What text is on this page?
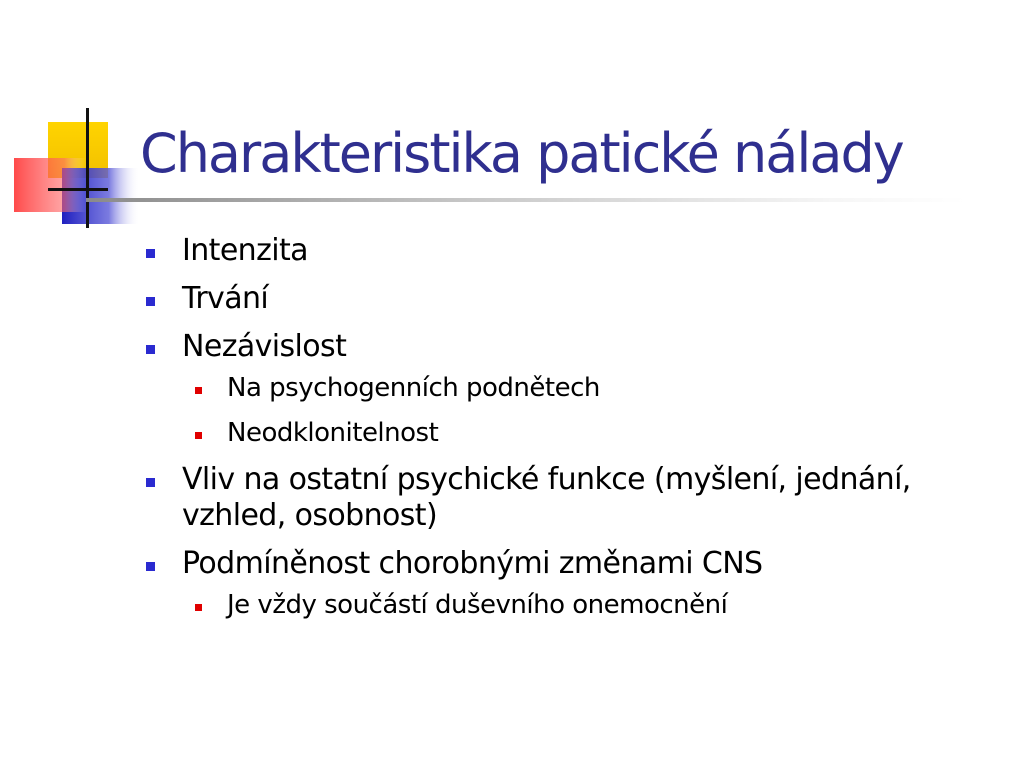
Charakteristika patické nálady
Intenzita
Trvání
Nezávislost
Na psychogenních podnětech
Neodklonitelnost
Vliv na ostatní psychické funkce (myšlení, jednání, vzhled, osobnost)
Podmíněnost chorobnými změnami CNS
Je vždy součástí duševního onemocnění
